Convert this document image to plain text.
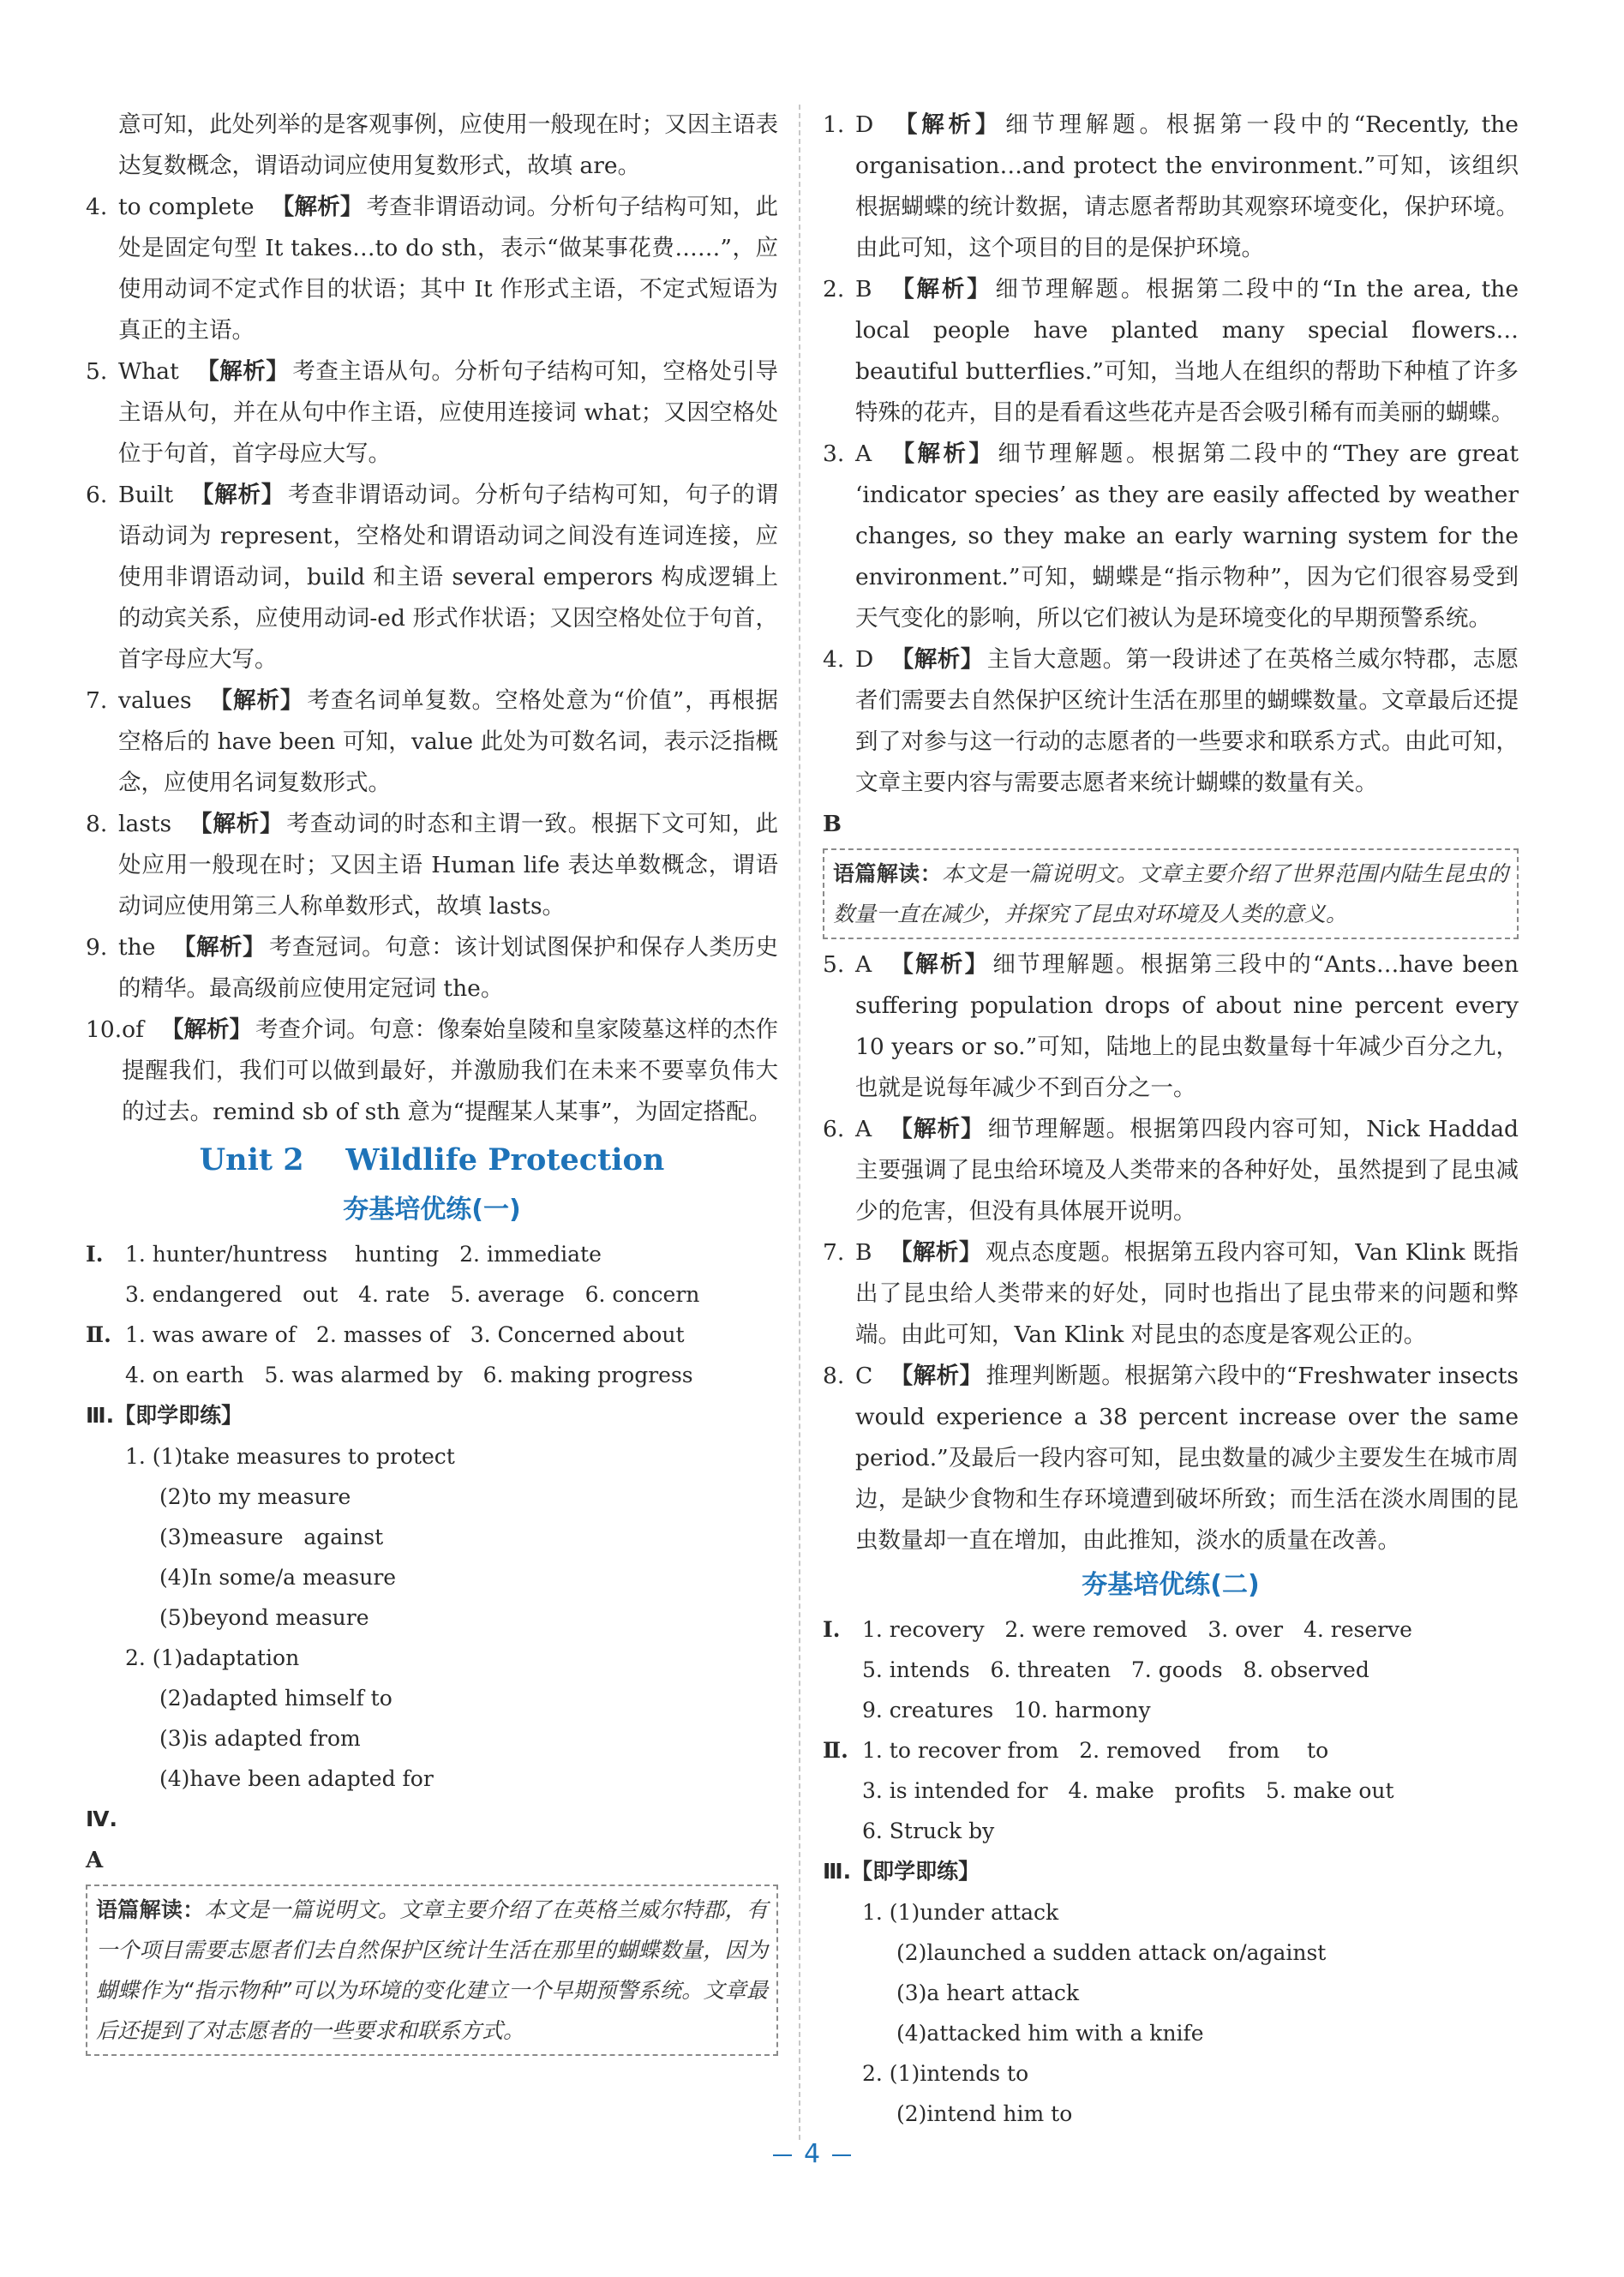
意可知，此处列举的是客观事例，应使用一般现在时；又因主语表达复数概念，谓语动词应使用复数形式，故填 are。
4. to complete 【解析】 考查非谓语动词。分析句子结构可知，此处是固定句型 It takes…to do sth，表示“做某事花费……”，应使用动词不定式作目的状语；其中 It 作形式主语，不定式短语为真正的主语。
5. What 【解析】 考查主语从句。分析句子结构可知，空格处引导主语从句，并在从句中作主语，应使用连接词 what；又因空格处位于句首，首字母应大写。
6. Built 【解析】 考查非谓语动词。分析句子结构可知，句子的谓语动词为 represent，空格处和谓语动词之间没有连词连接，应使用非谓语动词，build 和主语 several emperors 构成逻辑上的动宾关系，应使用动词-ed 形式作状语；又因空格处位于句首，首字母应大写。
7. values 【解析】 考查名词单复数。空格处意为“价值”，再根据空格后的 have been 可知，value 此处为可数名词，表示泛指概念，应使用名词复数形式。
8. lasts 【解析】 考查动词的时态和主谓一致。根据下文可知，此处应用一般现在时；又因主语 Human life 表达单数概念，谓语动词应使用第三人称单数形式，故填 lasts。
9. the 【解析】 考查冠词。句意：该计划试图保护和保存人类历史的精华。最高级前应使用定冠词 the。
10. of 【解析】 考查介词。句意：像秦始皇陵和皇家陵墓这样的杰作提醒我们，我们可以做到最好，并激励我们在未来不要辜负伟大的过去。remind sb of sth 意为“提醒某人某事”，为固定搭配。
Unit 2    Wildlife Protection
夯基培优练(一)
Ⅰ.	1. hunter/huntress    hunting   2. immediate
3. endangered   out   4. rate   5. average   6. concern
Ⅱ. 1. was aware of   2. masses of   3. Concerned about
4. on earth   5. was alarmed by   6. making progress
Ⅲ.【即学即练】
1. (1)take measures to protect
(2)to my measure
(3)measure   against
(4)In some/a measure
(5)beyond measure
2. (1)adaptation
(2)adapted himself to
(3)is adapted from
(4)have been adapted for
Ⅳ.
A
语篇解读：本文是一篇说明文。文章主要介绍了在英格兰威尔特郡，有一个项目需要志愿者们去自然保护区统计生活在那里的蝴蝶数量，因为蝴蝶作为“指示物种”可以为环境的变化建立一个早期预警系统。文章最后还提到了对志愿者的一些要求和联系方式。
1. D 【解析】 细节理解题。根据第一段中的“Recently, the organisation…and protect the environment.”可知，该组织根据蝴蝶的统计数据，请志愿者帮助其观察环境变化，保护环境。由此可知，这个项目的目的是保护环境。
2. B 【解析】 细节理解题。根据第二段中的“In the area, the local people have planted many special flowers…beautiful butterflies.”可知，当地人在组织的帮助下种植了许多特殊的花卉，目的是看看这些花卉是否会吸引稀有而美丽的蝴蝶。
3. A 【解析】 细节理解题。根据第二段中的“They are great ‘indicator species’ as they are easily affected by weather changes, so they make an early warning system for the environment.”可知，蝴蝶是“指示物种”，因为它们很容易受到天气变化的影响，所以它们被认为是环境变化的早期预警系统。
4. D 【解析】 主旨大意题。第一段讲述了在英格兰威尔特郡，志愿者们需要去自然保护区统计生活在那里的蝴蝶数量。文章最后还提到了对参与这一行动的志愿者的一些要求和联系方式。由此可知，文章主要内容与需要志愿者来统计蝴蝶的数量有关。
B
语篇解读：本文是一篇说明文。文章主要介绍了世界范围内陆生昆虫的数量一直在减少，并探究了昆虫对环境及人类的意义。
5. A 【解析】 细节理解题。根据第三段中的“Ants…have been suffering population drops of about nine percent every 10 years or so.”可知，陆地上的昆虫数量每十年减少百分之九，也就是说每年减少不到百分之一。
6. A 【解析】 细节理解题。根据第四段内容可知，Nick Haddad 主要强调了昆虫给环境及人类带来的各种好处，虽然提到了昆虫减少的危害，但没有具体展开说明。
7. B 【解析】 观点态度题。根据第五段内容可知，Van Klink 既指出了昆虫给人类带来的好处，同时也指出了昆虫带来的问题和弊端。由此可知，Van Klink 对昆虫的态度是客观公正的。
8. C 【解析】 推理判断题。根据第六段中的“Freshwater insects would experience a 38 percent increase over the same period.”及最后一段内容可知，昆虫数量的减少主要发生在城市周边，是缺少食物和生存环境遭到破坏所致；而生活在淡水周围的昆虫数量却一直在增加，由此推知，淡水的质量在改善。
夯基培优练(二)
Ⅰ.	1. recovery   2. were removed   3. over   4. reserve
5. intends   6. threaten   7. goods   8. observed
9. creatures   10. harmony
Ⅱ. 1. to recover from   2. removed    from    to
3. is intended for   4. make   profits   5. make out
6. Struck by
Ⅲ.【即学即练】
1. (1)under attack
(2)launched a sudden attack on/against
(3)a heart attack
(4)attacked him with a knife
2. (1)intends to
(2)intend him to
4
